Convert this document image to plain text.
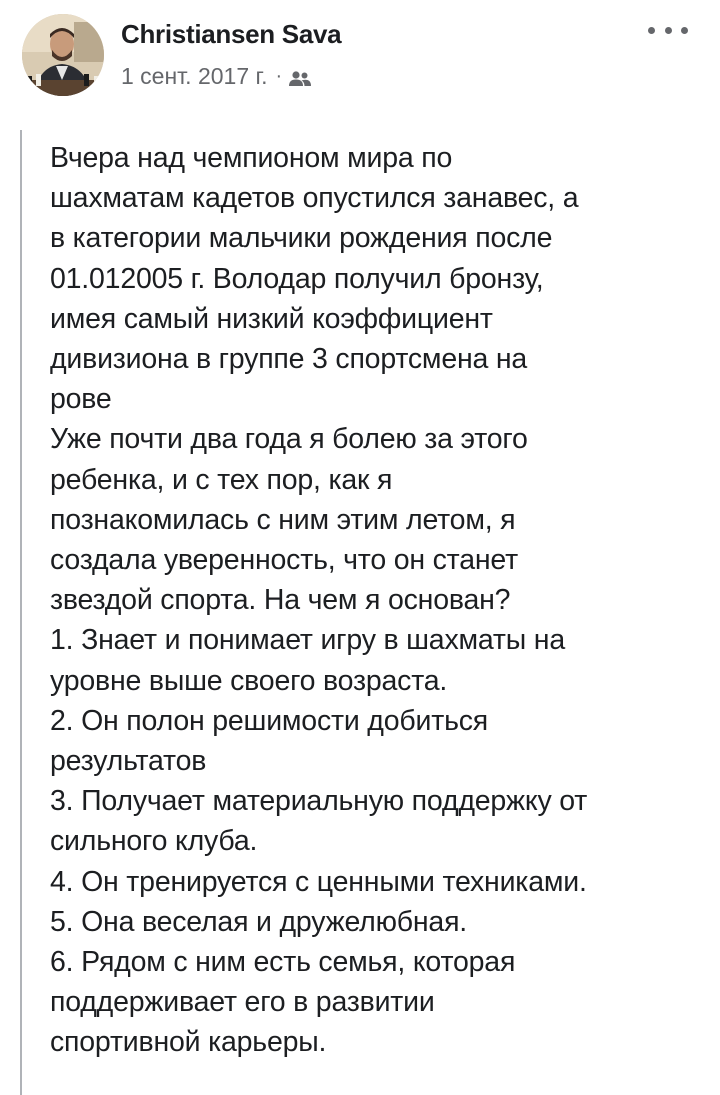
Christiansen Sava
1 сент. 2017 г. ·
Вчера над чемпионом мира по
шахматам кадетов опустился занавес, а
в категории мальчики рождения после
01.012005 г. Володар получил бронзу,
имея самый низкий коэффициент
дивизиона в группе 3 спортсмена на
рове
Уже почти два года я болею за этого
ребенка, и с тех пор, как я
познакомилась с ним этим летом, я
создала уверенность, что он станет
звездой спорта. На чем я основан?
1. Знает и понимает игру в шахматы на
уровне выше своего возраста.
2. Он полон решимости добиться
результатов
3. Получает материальную поддержку от
сильного клуба.
4. Он тренируется с ценными техниками.
5. Она веселая и дружелюбная.
6. Рядом с ним есть семья, которая
поддерживает его в развитии
спортивной карьеры.
